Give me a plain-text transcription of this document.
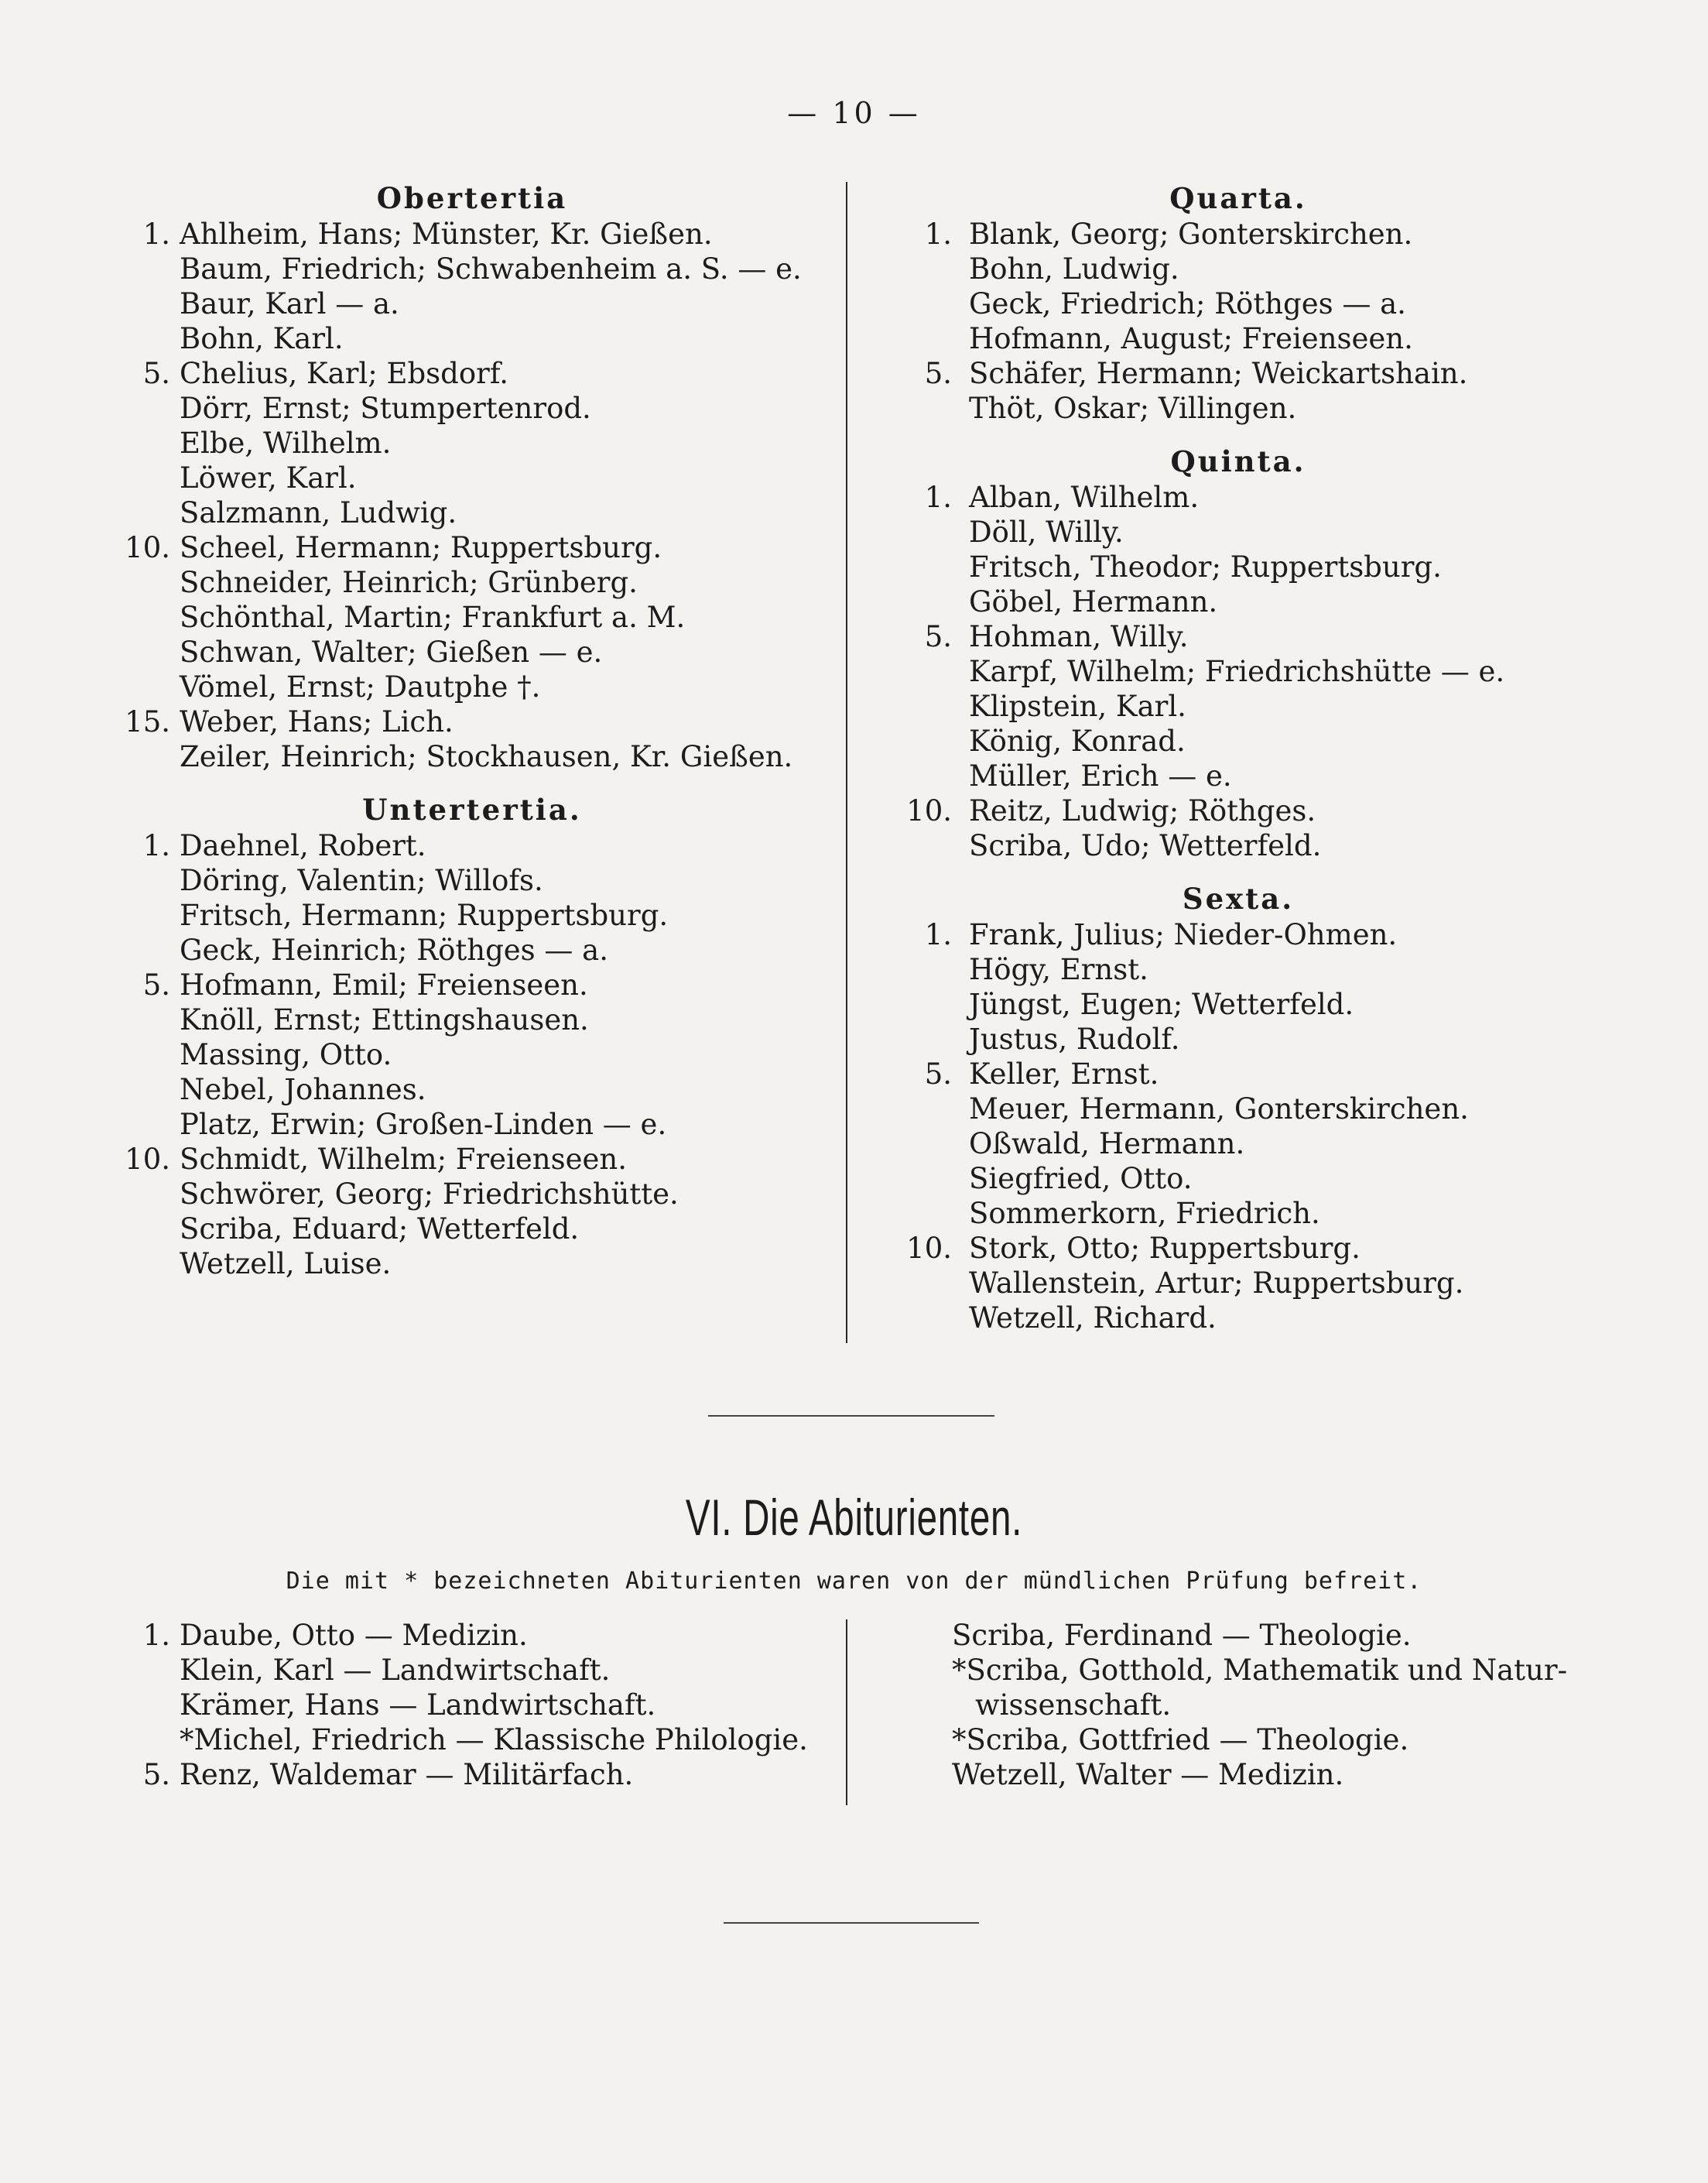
— 10 —
Obertertia
1. Ahlheim, Hans; Münster, Kr. Gießen.
Baum, Friedrich; Schwabenheim a. S. — e.
Baur, Karl — a.
Bohn, Karl.
5. Chelius, Karl; Ebsdorf.
Dörr, Ernst; Stumpertenrod.
Elbe, Wilhelm.
Löwer, Karl.
Salzmann, Ludwig.
10. Scheel, Hermann; Ruppertsburg.
Schneider, Heinrich; Grünberg.
Schönthal, Martin; Frankfurt a. M.
Schwan, Walter; Gießen — e.
Vömel, Ernst; Dautphe †.
15. Weber, Hans; Lich.
Zeiler, Heinrich; Stockhausen, Kr. Gießen.
Untertertia.
1. Daehnel, Robert.
Döring, Valentin; Willofs.
Fritsch, Hermann; Ruppertsburg.
Geck, Heinrich; Röthges — a.
5. Hofmann, Emil; Freienseen.
Knöll, Ernst; Ettingshausen.
Massing, Otto.
Nebel, Johannes.
Platz, Erwin; Großen-Linden — e.
10. Schmidt, Wilhelm; Freienseen.
Schwörer, Georg; Friedrichshütte.
Scriba, Eduard; Wetterfeld.
Wetzell, Luise.
Quarta.
1. Blank, Georg; Gonterskirchen.
Bohn, Ludwig.
Geck, Friedrich; Röthges — a.
Hofmann, August; Freienseen.
5. Schäfer, Hermann; Weickartshain.
Thöt, Oskar; Villingen.
Quinta.
1. Alban, Wilhelm.
Döll, Willy.
Fritsch, Theodor; Ruppertsburg.
Göbel, Hermann.
5. Hohman, Willy.
Karpf, Wilhelm; Friedrichshütte — e.
Klipstein, Karl.
König, Konrad.
Müller, Erich — e.
10. Reitz, Ludwig; Röthges.
Scriba, Udo; Wetterfeld.
Sexta.
1. Frank, Julius; Nieder-Ohmen.
Högy, Ernst.
Jüngst, Eugen; Wetterfeld.
Justus, Rudolf.
5. Keller, Ernst.
Meuer, Hermann, Gonterskirchen.
Oßwald, Hermann.
Siegfried, Otto.
Sommerkorn, Friedrich.
10. Stork, Otto; Ruppertsburg.
Wallenstein, Artur; Ruppertsburg.
Wetzell, Richard.
VI. Die Abiturienten.
Die mit * bezeichneten Abiturienten waren von der mündlichen Prüfung befreit.
1. Daube, Otto — Medizin.
Klein, Karl — Landwirtschaft.
Krämer, Hans — Landwirtschaft.
*Michel, Friedrich — Klassische Philologie.
5. Renz, Waldemar — Militärfach.
Scriba, Ferdinand — Theologie.
*Scriba, Gotthold, Mathematik und Natur-
wissenschaft.
*Scriba, Gottfried — Theologie.
Wetzell, Walter — Medizin.
